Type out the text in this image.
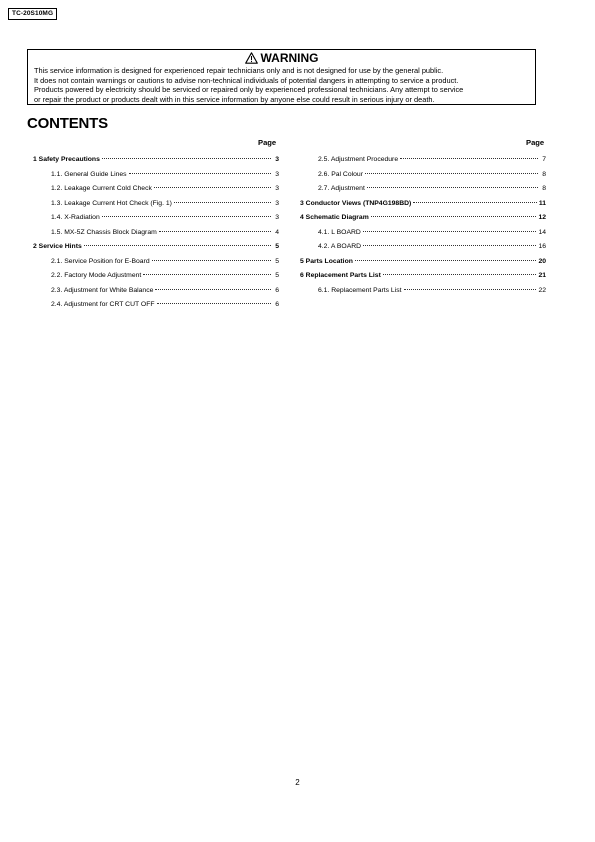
TC-20S10MG
WARNING
This service information is designed for experienced repair technicians only and is not designed for use by the general public.
It does not contain warnings or cautions to advise non-technical individuals of potential dangers in attempting to service a product.
Products powered by electricity should be serviced or repaired only by experienced professional technicians. Any attempt to service
or repair the product or products dealt with in this service information by anyone else could result in serious injury or death.
CONTENTS
Page	Page
1 Safety Precautions	3
1.1. General Guide Lines	3
1.2. Leakage Current Cold Check	3
1.3. Leakage Current Hot Check (Fig. 1)	3
1.4. X-Radiation	3
1.5. MX-5Z Chassis Block Diagram	4
2 Service Hints	5
2.1. Service Position for E-Board	5
2.2. Factory Mode Adjustment	5
2.3. Adjustment for White Balance	6
2.4. Adjustment for CRT CUT OFF	6
2.5. Adjustment Procedure	7
2.6. Pal Colour	8
2.7. Adjustment	8
3 Conductor Views (TNP4G198BD)	11
4 Schematic Diagram	12
4.1. L BOARD	14
4.2. A BOARD	16
5 Parts Location	20
6 Replacement Parts List	21
6.1. Replacement Parts List	22
2
